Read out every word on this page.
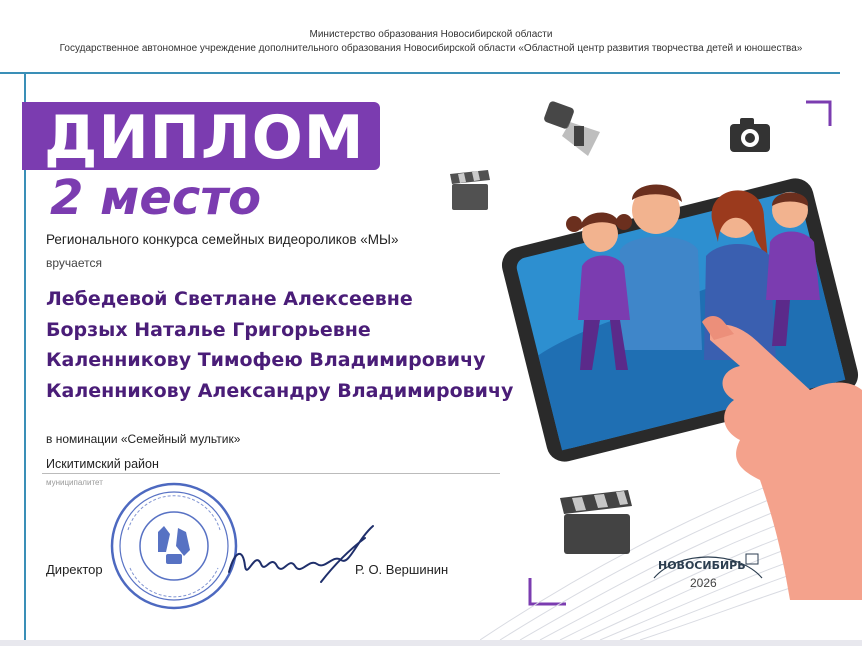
Министерство образования Новосибирской области
Государственное автономное учреждение дополнительного образования Новосибирской области «Областной центр развития творчества детей и юношества»
ДИПЛОМ
2 место
Регионального конкурса семейных видеороликов «МЫ»
вручается
Лебедевой Светлане Алексеевне
Борзых Наталье Григорьевне
Каленникову Тимофею Владимировичу
Каленникову Александру Владимировичу
в номинации «Семейный мультик»
Искитимский район
муниципалитет
Директор	Р. О. Вершинин	НОВОСИБИРЬ
2026
